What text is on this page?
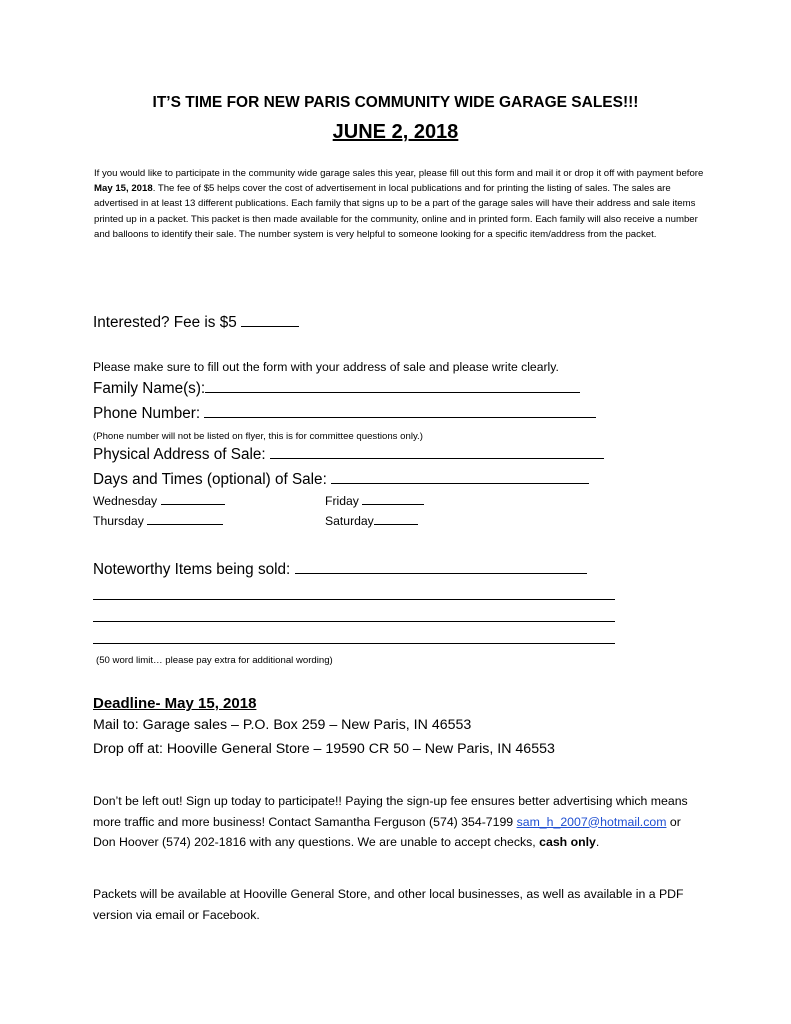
IT’S TIME FOR NEW PARIS COMMUNITY WIDE GARAGE SALES!!!
JUNE 2, 2018
If you would like to participate in the community wide garage sales this year, please fill out this form and mail it or drop it off with payment before May 15, 2018. The fee of $5 helps cover the cost of advertisement in local publications and for printing the listing of sales. The sales are advertised in at least 13 different publications. Each family that signs up to be a part of the garage sales will have their address and sale items printed up in a packet. This packet is then made available for the community, online and in printed form. Each family will also receive a number and balloons to identify their sale. The number system is very helpful to someone looking for a specific item/address from the packet.
Interested? Fee is $5
Please make sure to fill out the form with your address of sale and please write clearly.
Family Name(s):
Phone Number:
(Phone number will not be listed on flyer, this is for committee questions only.)
Physical Address of Sale:
Days and Times (optional) of Sale:
Wednesday	Friday
Thursday	Saturday
Noteworthy Items being sold:
(50 word limit… please pay extra for additional wording)
Deadline- May 15, 2018
Mail to: Garage sales – P.O. Box 259 – New Paris, IN 46553
Drop off at: Hooville General Store – 19590 CR 50 – New Paris, IN 46553
Don’t be left out! Sign up today to participate!! Paying the sign-up fee ensures better advertising which means more traffic and more business! Contact Samantha Ferguson (574) 354-7199 sam_h_2007@hotmail.com or Don Hoover (574) 202-1816 with any questions. We are unable to accept checks, cash only.
Packets will be available at Hooville General Store, and other local businesses, as well as available in a PDF version via email or Facebook.
